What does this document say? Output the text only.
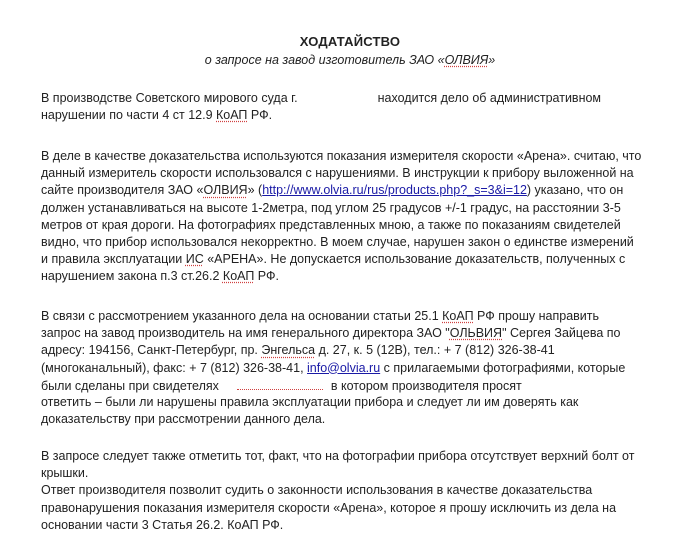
ХОДАТАЙСТВО
о запросе на завод изготовитель ЗАО «ОЛВИЯ»
В производстве Советского мирового суда г.	находится дело об административном
нарушении по части 4 ст 12.9 КоАП РФ.
В деле в качестве доказательства используются показания измерителя скорости «Арена». считаю, что
данный измеритель скорости использовался с нарушениями. В инструкции к прибору выложенной на
сайте производителя ЗАО «ОЛВИЯ» (http://www.olvia.ru/rus/products.php?_s=3&i=12) указано, что он
должен устанавливаться на высоте 1-2метра, под углом 25 градусов +/-1 градус, на расстоянии 3-5
метров от края дороги. На фотографиях представленных мною, а также по показаниям свидетелей
видно, что прибор использовался некорректно. В моем случае, нарушен закон о единстве измерений
и правила эксплуатации ИС «АРЕНА». Не допускается использование доказательств, полученных с
нарушением закона п.3 ст.26.2 КоАП РФ.
В связи с рассмотрением указанного дела на основании статьи 25.1 КоАП РФ прошу направить
запрос на завод производитель на имя генерального директора ЗАО "ОЛЬВИЯ" Сергея Зайцева по
адресу: 194156, Санкт-Петербург, пр. Энгельса д. 27, к. 5 (12В), тел.: + 7 (812) 326-38-41
(многоканальный), факс: + 7 (812) 326-38-41, info@olvia.ru с прилагаемыми фотографиями, которые
были сделаны при свидетелях	в котором производителя просят
ответить – были ли нарушены правила эксплуатации прибора и следует ли им доверять как
доказательству при рассмотрении данного дела.
В запросе следует также отметить тот, факт, что на фотографии прибора отсутствует верхний болт от
крышки.
Ответ производителя позволит судить о законности использования в качестве доказательства
правонарушения показания измерителя скорости «Арена», которое я прошу исключить из дела на
основании части 3 Статья 26.2. КоАП РФ.
